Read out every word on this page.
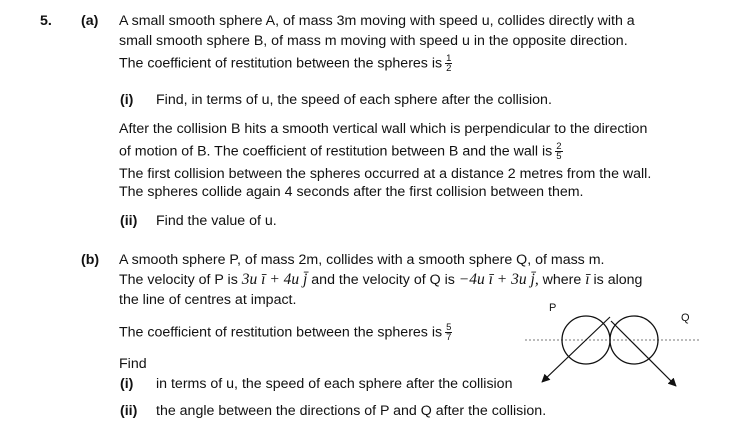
5. (a) A small smooth sphere A, of mass 3m moving with speed u, collides directly with a
small smooth sphere B, of mass m moving with speed u in the opposite direction.
The coefficient of restitution between the spheres is $\frac{1}{2}$
(i) Find, in terms of u, the speed of each sphere after the collision.
After the collision B hits a smooth vertical wall which is perpendicular to the direction
of motion of B. The coefficient of restitution between B and the wall is $\frac{2}{5}$
The first collision between the spheres occurred at a distance 2 metres from the wall.
The spheres collide again 4 seconds after the first collision between them.
(ii) Find the value of u.
(b) A smooth sphere P, of mass 2m, collides with a smooth sphere Q, of mass m.
The velocity of P is 3u ī + 4u j̄ and the velocity of Q is −4u ī + 3u j̄, where ī is along
the line of centres at impact.
The coefficient of restitution between the spheres is $\frac{5}{7}$
Find
(i) in terms of u, the speed of each sphere after the collision
(ii) the angle between the directions of P and Q after the collision.
P
Q
